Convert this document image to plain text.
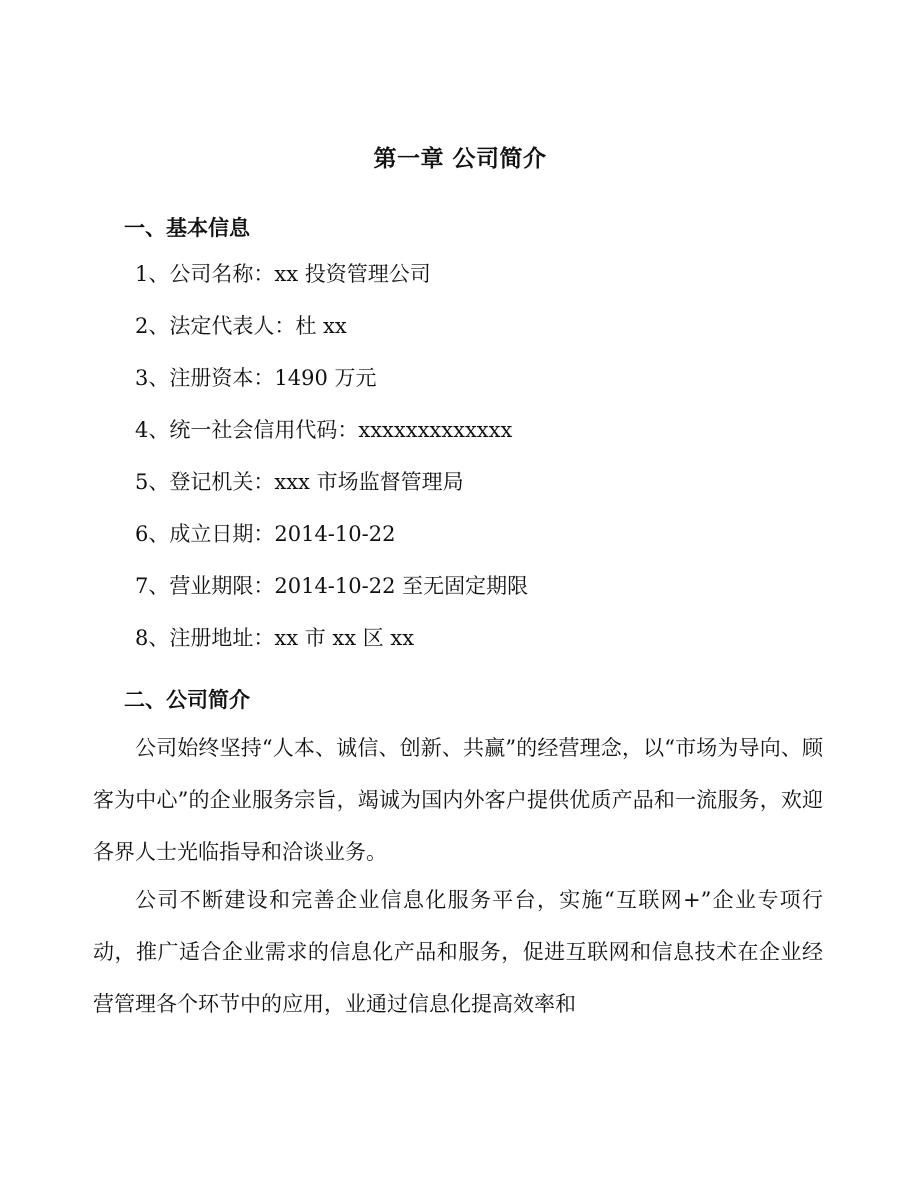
第一章 公司简介
一、基本信息
1、公司名称：xx 投资管理公司
2、法定代表人：杜 xx
3、注册资本：1490 万元
4、统一社会信用代码：xxxxxxxxxxxxx
5、登记机关：xxx 市场监督管理局
6、成立日期：2014-10-22
7、营业期限：2014-10-22 至无固定期限
8、注册地址：xx 市 xx 区 xx
二、公司简介
公司始终坚持“人本、诚信、创新、共赢”的经营理念，以“市场为导向、顾客为中心”的企业服务宗旨，竭诚为国内外客户提供优质产品和一流服务，欢迎各界人士光临指导和洽谈业务。
公司不断建设和完善企业信息化服务平台，实施“互联网+”企业专项行动，推广适合企业需求的信息化产品和服务，促进互联网和信息技术在企业经营管理各个环节中的应用，业通过信息化提高效率和
